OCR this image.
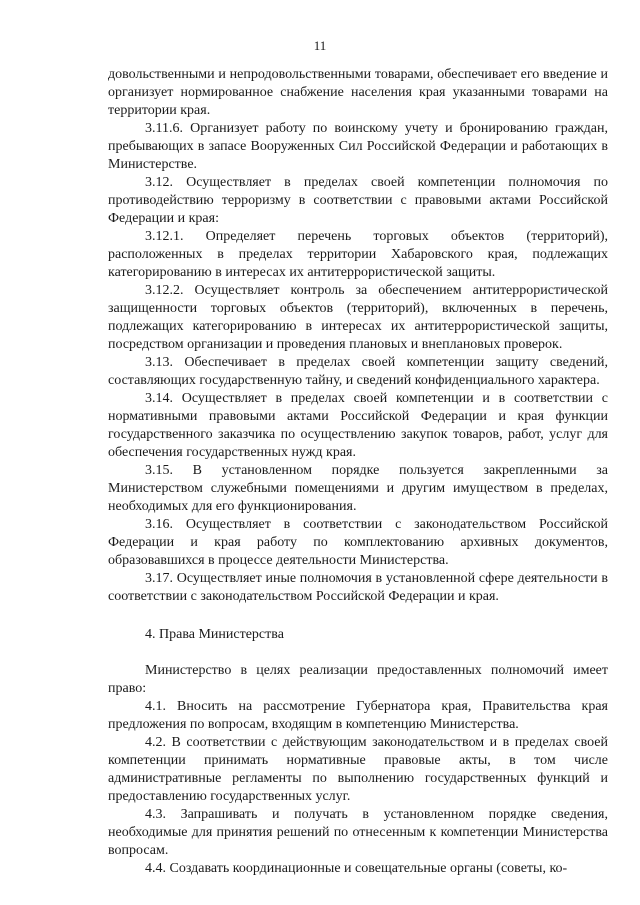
11

довольственными и непродовольственными товарами, обеспечивает его введение и организует нормированное снабжение населения края указанными товарами на территории края.

3.11.6. Организует работу по воинскому учету и бронированию граждан, пребывающих в запасе Вооруженных Сил Российской Федерации и работающих в Министерстве.

3.12. Осуществляет в пределах своей компетенции полномочия по противодействию терроризму в соответствии с правовыми актами Российской Федерации и края:

3.12.1. Определяет перечень торговых объектов (территорий), расположенных в пределах территории Хабаровского края, подлежащих категорированию в интересах их антитеррористической защиты.

3.12.2. Осуществляет контроль за обеспечением антитеррористической защищенности торговых объектов (территорий), включенных в перечень, подлежащих категорированию в интересах их антитеррористической защиты, посредством организации и проведения плановых и внеплановых проверок.

3.13. Обеспечивает в пределах своей компетенции защиту сведений, составляющих государственную тайну, и сведений конфиденциального характера.

3.14. Осуществляет в пределах своей компетенции и в соответствии с нормативными правовыми актами Российской Федерации и края функции государственного заказчика по осуществлению закупок товаров, работ, услуг для обеспечения государственных нужд края.

3.15. В установленном порядке пользуется закрепленными за Министерством служебными помещениями и другим имуществом в пределах, необходимых для его функционирования.

3.16. Осуществляет в соответствии с законодательством Российской Федерации и края работу по комплектованию архивных документов, образовавшихся в процессе деятельности Министерства.

3.17. Осуществляет иные полномочия в установленной сфере деятельности в соответствии с законодательством Российской Федерации и края.

4. Права Министерства

Министерство в целях реализации предоставленных полномочий имеет право:

4.1. Вносить на рассмотрение Губернатора края, Правительства края предложения по вопросам, входящим в компетенцию Министерства.

4.2. В соответствии с действующим законодательством и в пределах своей компетенции принимать нормативные правовые акты, в том числе административные регламенты по выполнению государственных функций и предоставлению государственных услуг.

4.3. Запрашивать и получать в установленном порядке сведения, необходимые для принятия решений по отнесенным к компетенции Министерства вопросам.

4.4. Создавать координационные и совещательные органы (советы, ко-
